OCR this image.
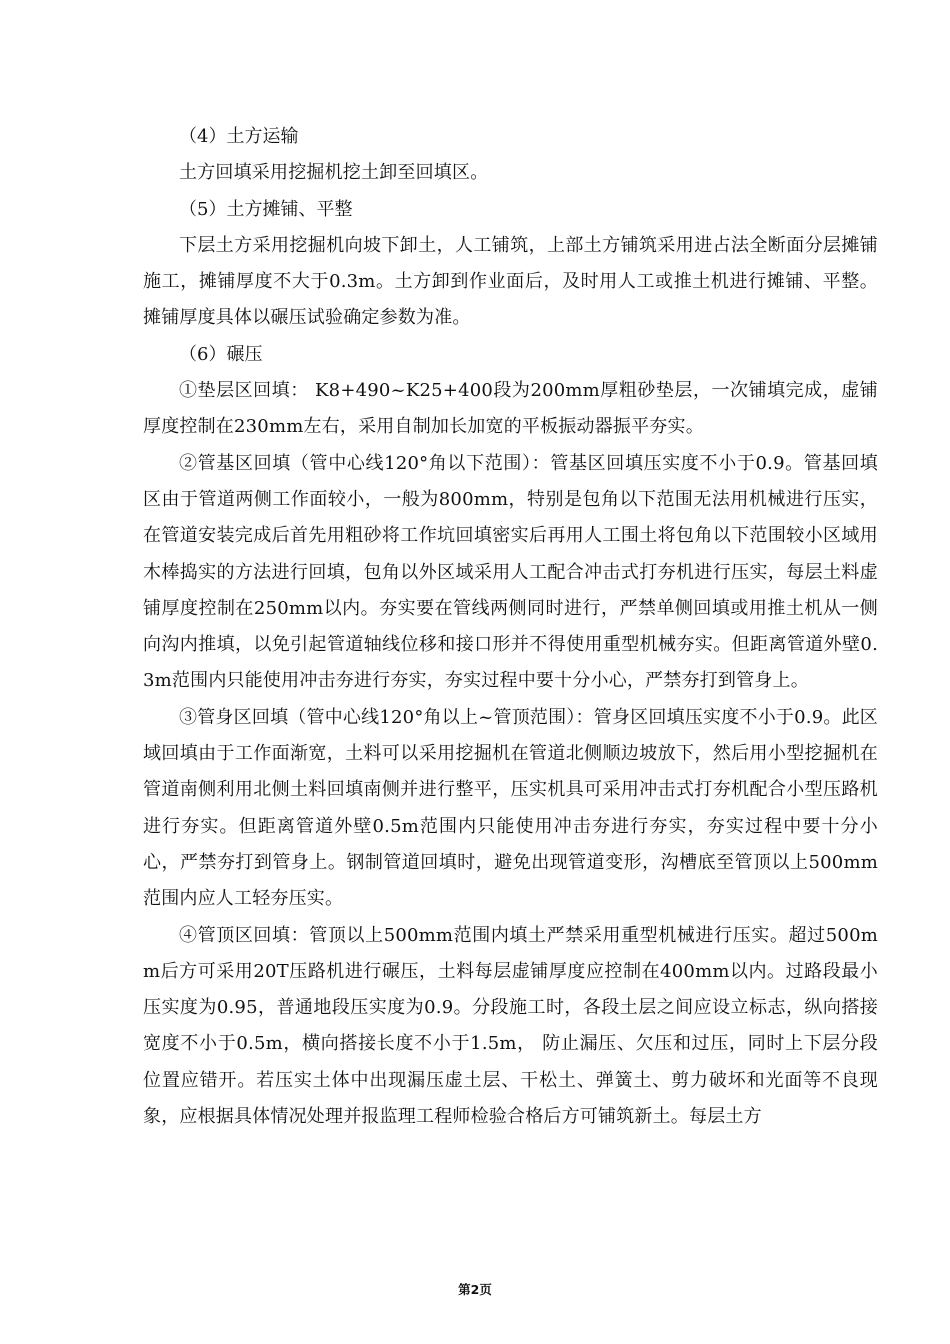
（4）土方运输

土方回填采用挖掘机挖土卸至回填区。

（5）土方摊铺、平整

下层土方采用挖掘机向坡下卸土，人工铺筑，上部土方铺筑采用进占法全断面分层摊铺施工，摊铺厚度不大于0.3m。土方卸到作业面后，及时用人工或推土机进行摊铺、平整。摊铺厚度具体以碾压试验确定参数为准。

（6）碾压

①垫层区回填： K8+490~K25+400段为200mm厚粗砂垫层，一次铺填完成，虚铺厚度控制在230mm左右，采用自制加长加宽的平板振动器振平夯实。

②管基区回填（管中心线120°角以下范围）：管基区回填压实度不小于0.9。管基回填区由于管道两侧工作面较小，一般为800mm，特别是包角以下范围无法用机械进行压实，在管道安装完成后首先用粗砂将工作坑回填密实后再用人工围土将包角以下范围较小区域用木棒捣实的方法进行回填，包角以外区域采用人工配合冲击式打夯机进行压实，每层土料虚铺厚度控制在250mm以内。夯实要在管线两侧同时进行，严禁单侧回填或用推土机从一侧向沟内推填，以免引起管道轴线位移和接口形并不得使用重型机械夯实。但距离管道外壁0.3m范围内只能使用冲击夯进行夯实，夯实过程中要十分小心，严禁夯打到管身上。

③管身区回填（管中心线120°角以上~管顶范围）：管身区回填压实度不小于0.9。此区域回填由于工作面渐宽，土料可以采用挖掘机在管道北侧顺边坡放下，然后用小型挖掘机在管道南侧利用北侧土料回填南侧并进行整平，压实机具可采用冲击式打夯机配合小型压路机进行夯实。但距离管道外壁0.5m范围内只能使用冲击夯进行夯实，夯实过程中要十分小心，严禁夯打到管身上。钢制管道回填时，避免出现管道变形，沟槽底至管顶以上500mm范围内应人工轻夯压实。

④管顶区回填：管顶以上500mm范围内填土严禁采用重型机械进行压实。超过500mm后方可采用20T压路机进行碾压，土料每层虚铺厚度应控制在400mm以内。过路段最小压实度为0.95，普通地段压实度为0.9。分段施工时，各段土层之间应设立标志，纵向搭接宽度不小于0.5m，横向搭接长度不小于1.5m， 防止漏压、欠压和过压，同时上下层分段位置应错开。若压实土体中出现漏压虚土层、干松土、弹簧土、剪力破坏和光面等不良现象，应根据具体情况处理并报监理工程师检验合格后方可铺筑新土。每层土方

第2页
